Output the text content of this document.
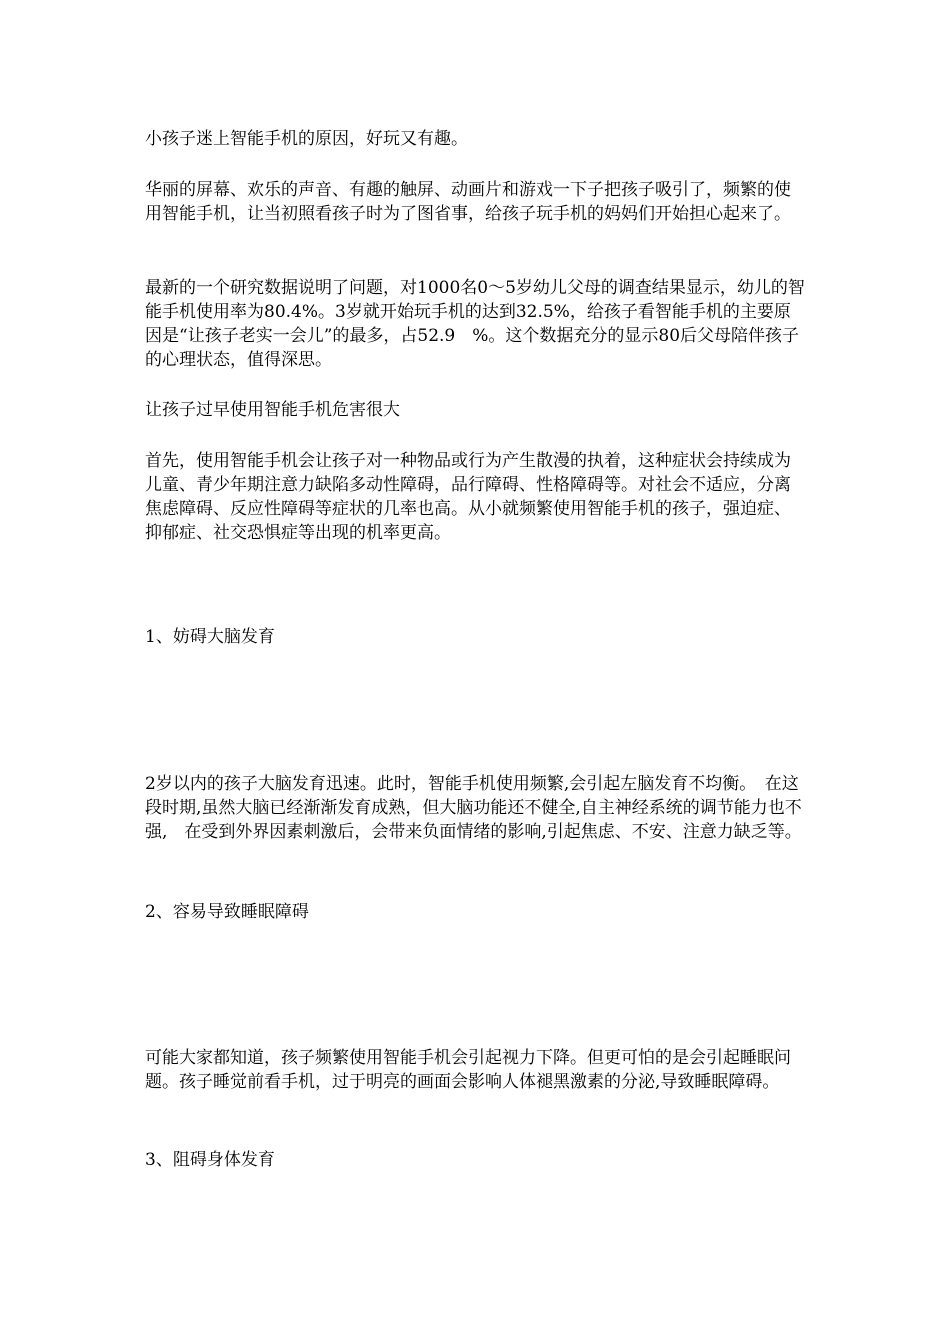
小孩子迷上智能手机的原因，好玩又有趣。

华丽的屏幕、欢乐的声音、有趣的触屏、动画片和游戏一下子把孩子吸引了，频繁的使用智能手机，让当初照看孩子时为了图省事，给孩子玩手机的妈妈们开始担心起来了。

最新的一个研究数据说明了问题，对1000名0～5岁幼儿父母的调查结果显示，幼儿的智能手机使用率为80.4%。3岁就开始玩手机的达到32.5%，给孩子看智能手机的主要原因是“让孩子老实一会儿”的最多，占52.9　%。这个数据充分的显示80后父母陪伴孩子的心理状态，值得深思。

让孩子过早使用智能手机危害很大

首先，使用智能手机会让孩子对一种物品或行为产生散漫的执着，这种症状会持续成为儿童、青少年期注意力缺陷多动性障碍，品行障碍、性格障碍等。对社会不适应，分离焦虑障碍、反应性障碍等症状的几率也高。从小就频繁使用智能手机的孩子，强迫症、抑郁症、社交恐惧症等出现的机率更高。

1、妨碍大脑发育

2岁以内的孩子大脑发育迅速。此时，智能手机使用频繁,会引起左脑发育不均衡。　在这段时期,虽然大脑已经渐渐发育成熟，但大脑功能还不健全,自主神经系统的调节能力也不强,　在受到外界因素刺激后，会带来负面情绪的影响,引起焦虑、不安、注意力缺乏等。

2、容易导致睡眠障碍

可能大家都知道，孩子频繁使用智能手机会引起视力下降。但更可怕的是会引起睡眠问题。孩子睡觉前看手机，过于明亮的画面会影响人体褪黑激素的分泌,导致睡眠障碍。

3、阻碍身体发育
